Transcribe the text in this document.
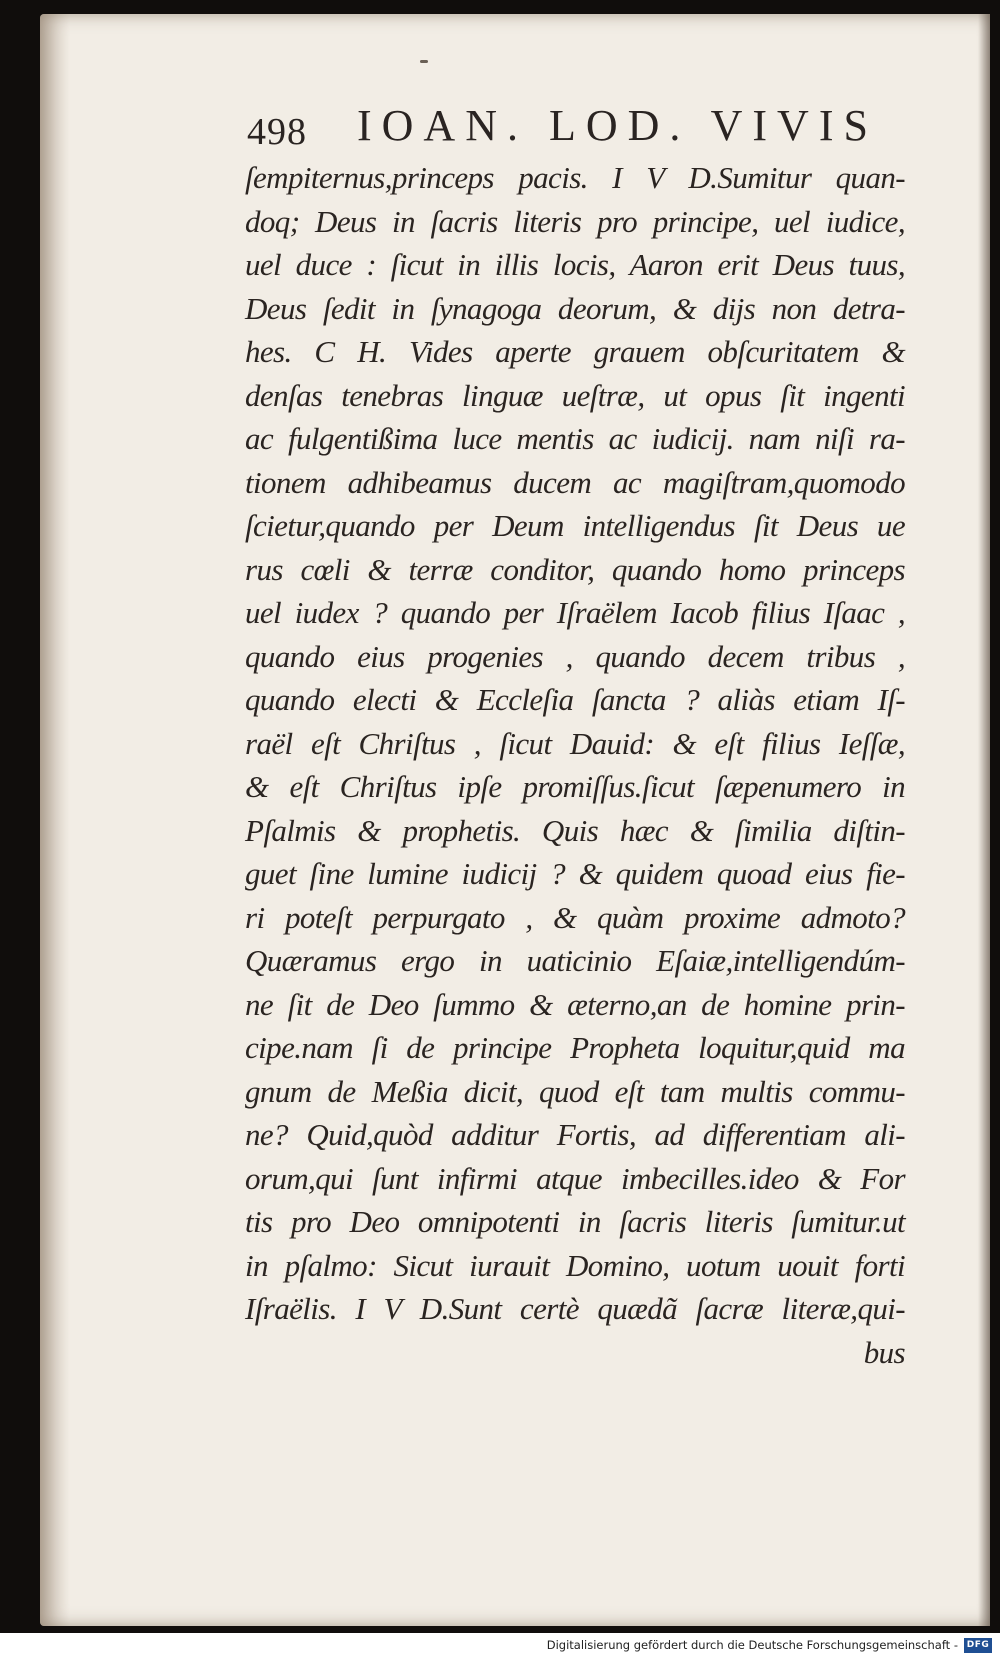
498 IOAN. LOD. VIVIS
ſempiternus,princeps pacis. I V D.Sumitur quan-
doq; Deus in ſacris literis pro principe, uel iudice,
uel duce : ſicut in illis locis, Aaron erit Deus tuus,
Deus ſedit in ſynagoga deorum, & dijs non detra-
hes. C H. Vides aperte grauem obſcuritatem &
denſas tenebras linguæ ueſtræ, ut opus ſit ingenti
ac fulgentißima luce mentis ac iudicij. nam niſi ra-
tionem adhibeamus ducem ac magiſtram,quomodo
ſcietur,quando per Deum intelligendus ſit Deus ue
rus cœli & terræ conditor, quando homo princeps
uel iudex ? quando per Iſraëlem Iacob filius Iſaac ,
quando eius progenies , quando decem tribus ,
quando electi & Eccleſia ſancta ? aliàs etiam Iſ-
raël eſt Chriſtus , ſicut Dauid: & eſt filius Ieſſæ,
& eſt Chriſtus ipſe promiſſus.ſicut ſæpenumero in
Pſalmis & prophetis. Quis hæc & ſimilia diſtin-
guet ſine lumine iudicij ? & quidem quoad eius fie-
ri poteſt perpurgato , & quàm proxime admoto?
Quæramus ergo in uaticinio Eſaiæ,intelligendúm-
ne ſit de Deo ſummo & æterno,an de homine prin-
cipe.nam ſi de principe Propheta loquitur,quid ma
gnum de Meßia dicit, quod eſt tam multis commu-
ne? Quid,quòd additur Fortis, ad differentiam ali-
orum,qui ſunt infirmi atque imbecilles.ideo & For
tis pro Deo omnipotenti in ſacris literis ſumitur.ut
in pſalmo: Sicut iurauit Domino, uotum uouit forti
Iſraëlis. I V D.Sunt certè quædã ſacræ literæ,qui-
bus
Digitalisierung gefördert durch die Deutsche Forschungsgemeinschaft - DFG
